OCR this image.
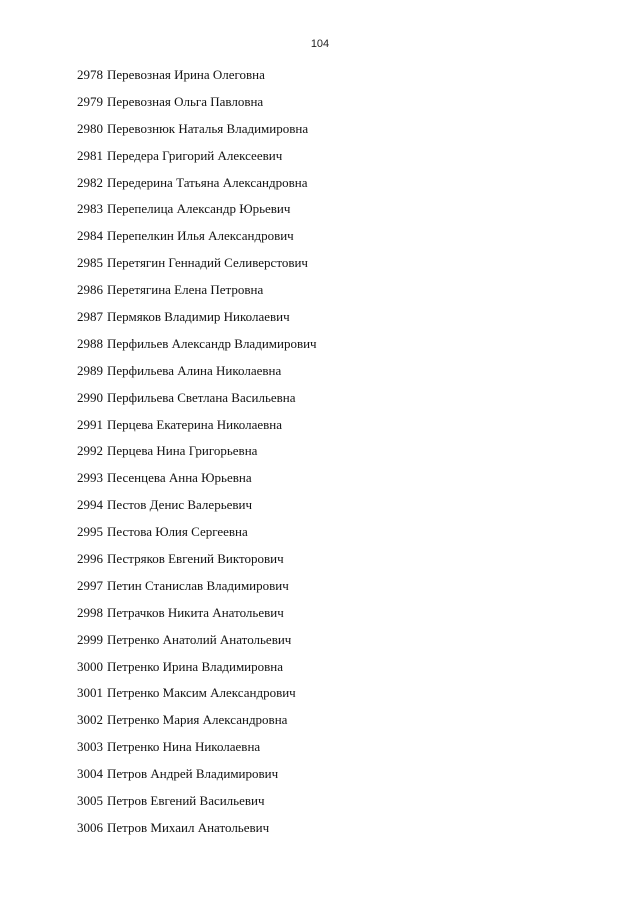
104
2978 Перевозная Ирина Олеговна
2979 Перевозная Ольга Павловна
2980 Перевознюк Наталья Владимировна
2981 Передера Григорий Алексеевич
2982 Передерина Татьяна Александровна
2983 Перепелица Александр Юрьевич
2984 Перепелкин Илья Александрович
2985 Перетягин Геннадий Селиверстович
2986 Перетягина Елена Петровна
2987 Пермяков Владимир Николаевич
2988 Перфильев Александр Владимирович
2989 Перфильева Алина Николаевна
2990 Перфильева Светлана Васильевна
2991 Перцева Екатерина Николаевна
2992 Перцева Нина Григорьевна
2993 Песенцева Анна Юрьевна
2994 Пестов Денис Валерьевич
2995 Пестова Юлия Сергеевна
2996 Пестряков Евгений Викторович
2997 Петин Станислав Владимирович
2998 Петрачков Никита Анатольевич
2999 Петренко Анатолий Анатольевич
3000 Петренко Ирина Владимировна
3001 Петренко Максим Александрович
3002 Петренко Мария Александровна
3003 Петренко Нина Николаевна
3004 Петров Андрей Владимирович
3005 Петров Евгений Васильевич
3006 Петров Михаил Анатольевич
